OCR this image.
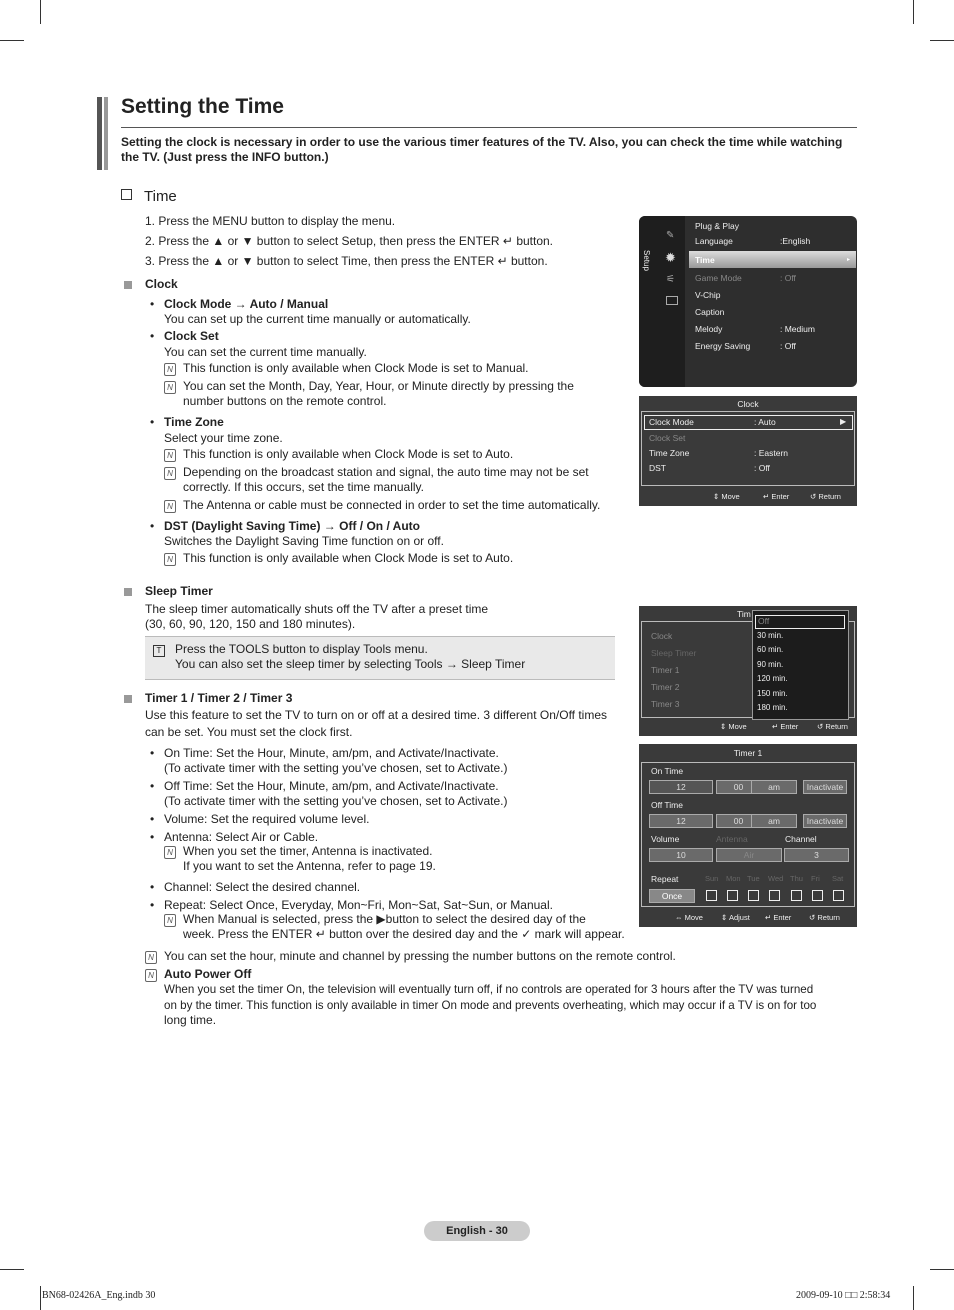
Setting the Time
Setting the clock is necessary in order to use the various timer features of the TV. Also, you can check the time while watching the TV. (Just press the INFO button.)
Time
1. Press the MENU button to display the menu.
2. Press the ▲ or ▼ button to select Setup, then press the ENTER ↵ button.
3. Press the ▲ or ▼ button to select Time, then press the ENTER ↵ button.
Clock
• Clock Mode → Auto / Manual
You can set up the current time manually or automatically.
• Clock Set
You can set the current time manually.
N This function is only available when Clock Mode is set to Manual.
N You can set the Month, Day, Year, Hour, or Minute directly by pressing the
number buttons on the remote control.
• Time Zone
Select your time zone.
N This function is only available when Clock Mode is set to Auto.
N Depending on the broadcast station and signal, the auto time may not be set
correctly. If this occurs, set the time manually.
N The Antenna or cable must be connected in order to set the time automatically.
• DST (Daylight Saving Time) → Off / On / Auto
Switches the Daylight Saving Time function on or off.
N This function is only available when Clock Mode is set to Auto.
Sleep Timer
The sleep timer automatically shuts off the TV after a preset time
(30, 60, 90, 120, 150 and 180 minutes).
T Press the TOOLS button to display Tools menu.
You can also set the sleep timer by selecting Tools → Sleep Timer
Timer 1 / Timer 2 / Timer 3
Use this feature to set the TV to turn on or off at a desired time. 3 different On/Off times
can be set. You must set the clock first.
• On Time: Set the Hour, Minute, am/pm, and Activate/Inactivate.
(To activate timer with the setting you’ve chosen, set to Activate.)
• Off Time: Set the Hour, Minute, am/pm, and Activate/Inactivate.
(To activate timer with the setting you’ve chosen, set to Activate.)
• Volume: Set the required volume level.
• Antenna: Select Air or Cable.
N When you set the timer, Antenna is inactivated.
If you want to set the Antenna, refer to page 19.
• Channel: Select the desired channel.
• Repeat: Select Once, Everyday, Mon~Fri, Mon~Sat, Sat~Sun, or Manual.
N When Manual is selected, press the ▶button to select the desired day of the
week. Press the ENTER ↵ button over the desired day and the ✓ mark will appear.
N You can set the hour, minute and channel by pressing the number buttons on the remote control.
N Auto Power Off
When you set the timer On, the television will eventually turn off, if no controls are operated for 3 hours after the TV was turned
on by the timer. This function is only available in timer On mode and prevents overheating, which may occur if a TV is on for too
long time.
Setup
✎
✹
⚟
Plug & Play
Language	:English
Time	▸
Game Mode	: Off
V-Chip
Caption
Melody	: Medium
Energy Saving	: Off
Clock
Clock Mode	: Auto	▶
Clock Set
Time Zone	: Eastern
DST	: Off
⇕ Move	↵ Enter	↺ Return
Tim
Clock
Sleep Timer
Timer 1
Timer 2
Timer 3
Off
30 min.
60 min.
90 min.
120 min.
150 min.
180 min.
⇕ Move	↵ Enter ↺ Return
Timer 1
On Time
12	00	am	Inactivate
Off Time
12	00	am	Inactivate
Volume	Antenna	Channel
10	Air	3
Repeat	Sun Mon Tue Wed Thu Fri Sat
Once
⇔ Move ⇕ Adjust ↵ Enter ↺ Return
English - 30
BN68-02426A_Eng.indb 30	2009-09-10 □□ 2:58:34
